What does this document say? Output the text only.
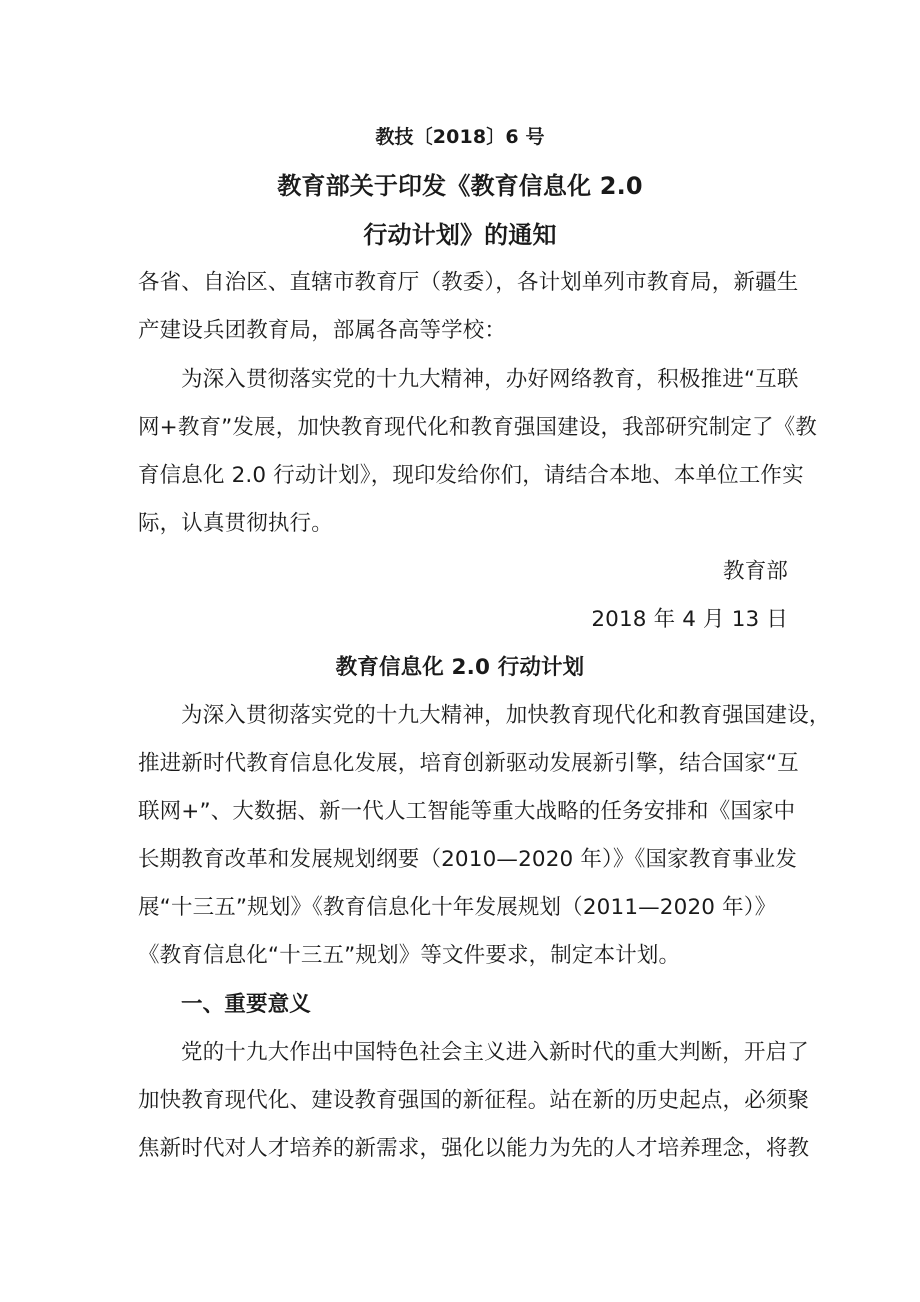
教技〔2018〕6 号
教育部关于印发《教育信息化 2.0
行动计划》的通知
各省、自治区、直辖市教育厅（教委），各计划单列市教育局，新疆生
产建设兵团教育局，部属各高等学校：
为深入贯彻落实党的十九大精神，办好网络教育，积极推进“互联
网+教育”发展，加快教育现代化和教育强国建设，我部研究制定了《教
育信息化 2.0 行动计划》，现印发给你们，请结合本地、本单位工作实
际，认真贯彻执行。
教育部
2018 年 4 月 13 日
教育信息化 2.0 行动计划
为深入贯彻落实党的十九大精神，加快教育现代化和教育强国建设，
推进新时代教育信息化发展，培育创新驱动发展新引擎，结合国家“互
联网+”、大数据、新一代人工智能等重大战略的任务安排和《国家中
长期教育改革和发展规划纲要（2010—2020 年）》《国家教育事业发
展“十三五”规划》《教育信息化十年发展规划（2011—2020 年）》
《教育信息化“十三五”规划》等文件要求，制定本计划。
一、重要意义
党的十九大作出中国特色社会主义进入新时代的重大判断，开启了
加快教育现代化、建设教育强国的新征程。站在新的历史起点，必须聚
焦新时代对人才培养的新需求，强化以能力为先的人才培养理念，将教
